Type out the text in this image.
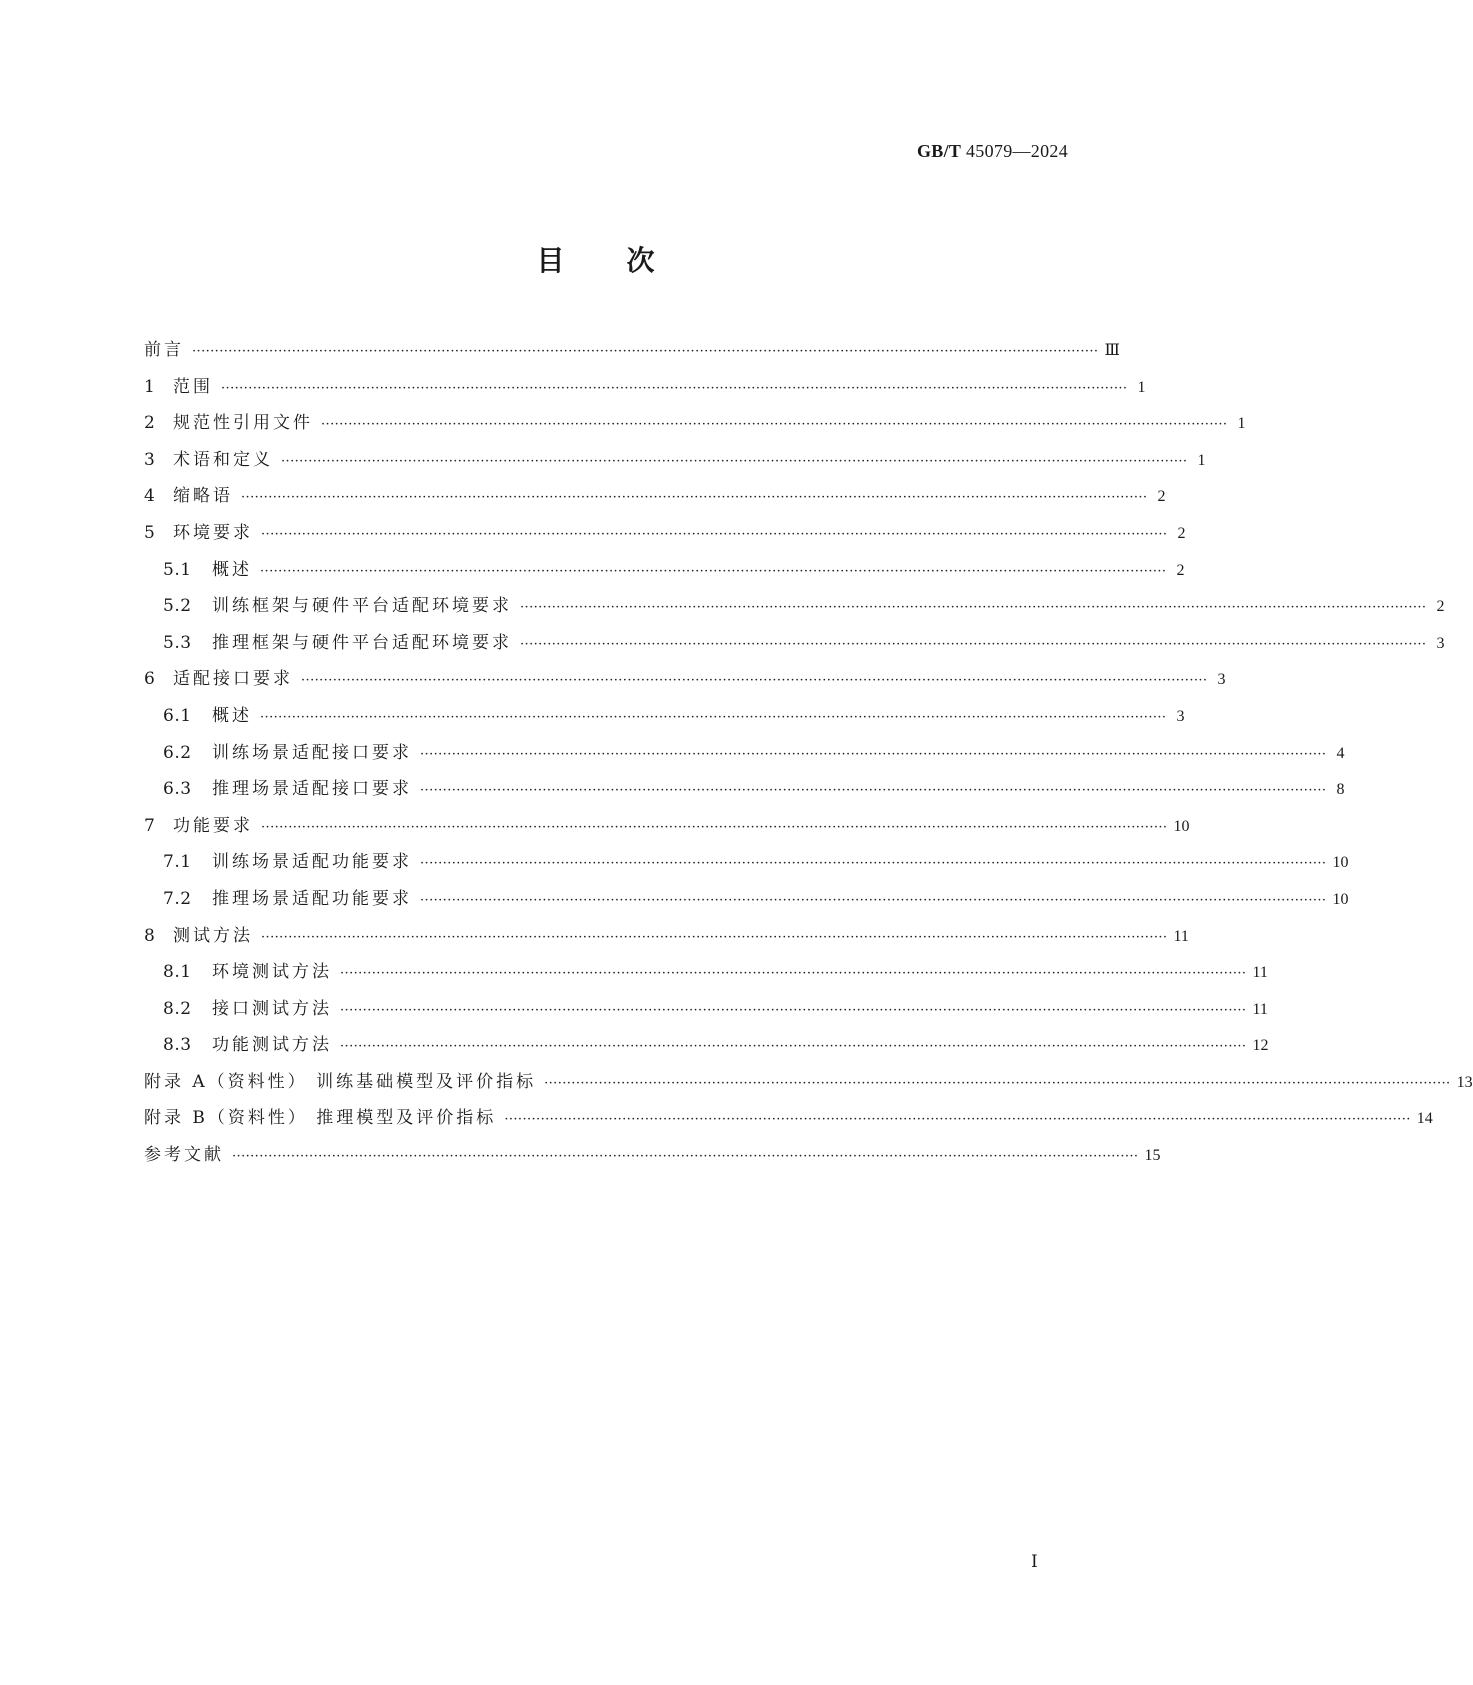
GB/T 45079—2024
目次
前言 ········································································································································································································ Ⅲ
1	范围 ········································································································································································································ 1
2	规范性引用文件 ········································································································································································································ 1
3	术语和定义 ········································································································································································································ 1
4	缩略语 ········································································································································································································ 2
5	环境要求 ········································································································································································································ 2
5.1	概述 ········································································································································································································ 2
5.2	训练框架与硬件平台适配环境要求 ········································································································································································································ 2
5.3	推理框架与硬件平台适配环境要求 ········································································································································································································ 3
6	适配接口要求 ········································································································································································································ 3
6.1	概述 ········································································································································································································ 3
6.2	训练场景适配接口要求 ········································································································································································································ 4
6.3	推理场景适配接口要求 ········································································································································································································ 8
7	功能要求 ········································································································································································································ 10
7.1	训练场景适配功能要求 ········································································································································································································ 10
7.2	推理场景适配功能要求 ········································································································································································································ 10
8	测试方法 ········································································································································································································ 11
8.1	环境测试方法 ········································································································································································································ 11
8.2	接口测试方法 ········································································································································································································ 11
8.3	功能测试方法 ········································································································································································································ 12
附录 A（资料性） 训练基础模型及评价指标 ········································································································································································································ 13
附录 B（资料性） 推理模型及评价指标 ········································································································································································································ 14
参考文献 ········································································································································································································ 15
Ⅰ
